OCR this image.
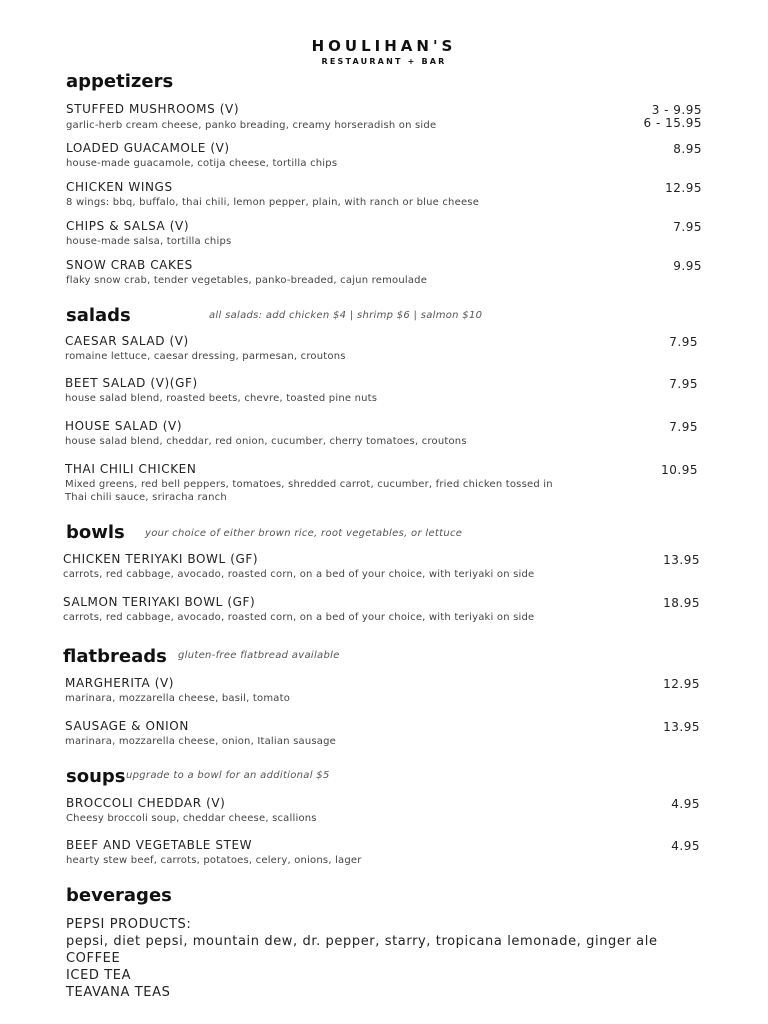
HOULIHAN'S
RESTAURANT + BAR
appetizers
STUFFED MUSHROOMS (V)
garlic-herb cream cheese, panko breading, creamy horseradish on side
3 - 9.95
6 - 15.95
LOADED GUACAMOLE (V)
house-made guacamole, cotija cheese, tortilla chips
8.95
CHICKEN WINGS
8 wings: bbq, buffalo, thai chili, lemon pepper, plain, with ranch or blue cheese
12.95
CHIPS & SALSA (V)
house-made salsa, tortilla chips
7.95
SNOW CRAB CAKES
flaky snow crab, tender vegetables, panko-breaded, cajun remoulade
9.95
salads	all salads: add chicken $4 | shrimp $6 | salmon $10
CAESAR SALAD (V)
romaine lettuce, caesar dressing, parmesan, croutons
7.95
BEET SALAD (V)(GF)
house salad blend, roasted beets, chevre, toasted pine nuts
7.95
HOUSE SALAD (V)
house salad blend, cheddar, red onion, cucumber, cherry tomatoes, croutons
7.95
THAI CHILI CHICKEN
Mixed greens, red bell peppers, tomatoes, shredded carrot, cucumber, fried chicken tossed in
Thai chili sauce, sriracha ranch
10.95
bowls your choice of either brown rice, root vegetables, or lettuce
CHICKEN TERIYAKI BOWL (GF)
carrots, red cabbage, avocado, roasted corn, on a bed of your choice, with teriyaki on side
13.95
SALMON TERIYAKI BOWL (GF)
carrots, red cabbage, avocado, roasted corn, on a bed of your choice, with teriyaki on side
18.95
flatbreads gluten-free flatbread available
MARGHERITA (V)
marinara, mozzarella cheese, basil, tomato
12.95
SAUSAGE & ONION
marinara, mozzarella cheese, onion, Italian sausage
13.95
soups upgrade to a bowl for an additional $5
BROCCOLI CHEDDAR (V)
Cheesy broccoli soup, cheddar cheese, scallions
4.95
BEEF AND VEGETABLE STEW
hearty stew beef, carrots, potatoes, celery, onions, lager
4.95
beverages
PEPSI PRODUCTS:
pepsi, diet pepsi, mountain dew, dr. pepper, starry, tropicana lemonade, ginger ale
COFFEE
ICED TEA
TEAVANA TEAS
